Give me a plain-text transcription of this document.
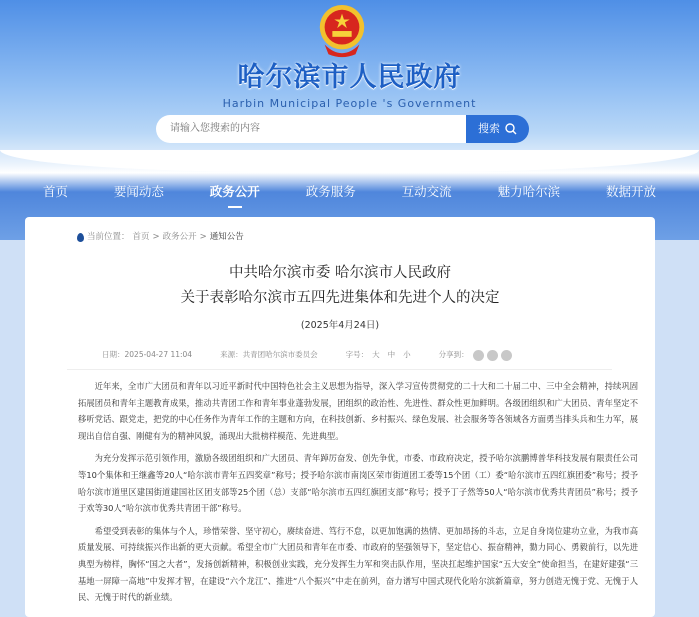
哈尔滨市人民政府
Harbin Municipal People 's Government
请输入您搜索的内容
搜索
首页	要闻动态	政务公开	政务服务	互动交流	魅力哈尔滨	数据开放
当前位置： 首页 > 政务公开 > 通知公告
中共哈尔滨市委 哈尔滨市人民政府
关于表彰哈尔滨市五四先进集体和先进个人的决定
(2025年4月24日)
日期：2025-04-27 11:04	来源：共青团哈尔滨市委员会	字号： 大 中 小	分享到：

近年来，全市广大团员和青年以习近平新时代中国特色社会主义思想为指导，深入学习宣传贯彻党的二十大和二十届二中、三中全会精神，持续巩固拓展团员和青年主题教育成果，推动共青团工作和青年事业蓬勃发展，团组织的政治性、先进性、群众性更加鲜明。各级团组织和广大团员、青年坚定不移听党话、跟党走，把党的中心任务作为青年工作的主题和方向，在科技创新、乡村振兴、绿色发展、社会服务等各领域各方面勇当排头兵和生力军，展现出自信自强、刚健有为的精神风貌，涌现出大批榜样模范、先进典型。

为充分发挥示范引领作用，激励各级团组织和广大团员、青年踔厉奋发、创先争优，市委、市政府决定，授予哈尔滨鹏博普华科技发展有限责任公司等10个集体和王继鑫等20人“哈尔滨市青年五四奖章”称号；授予哈尔滨市南岗区荣市街道团工委等15个团（工）委“哈尔滨市五四红旗团委”称号；授予哈尔滨市道里区建国街道建国社区团支部等25个团（总）支部“哈尔滨市五四红旗团支部”称号；授予丁子然等50人“哈尔滨市优秀共青团员”称号；授予于欢等30人“哈尔滨市优秀共青团干部”称号。

希望受到表彰的集体与个人，珍惜荣誉、坚守初心，赓续奋进、笃行不怠，以更加饱满的热情、更加昂扬的斗志，立足自身岗位建功立业，为我市高质量发展、可持续振兴作出新的更大贡献。希望全市广大团员和青年在市委、市政府的坚强领导下，坚定信心、振奋精神，勠力同心、勇毅前行，以先进典型为榜样，胸怀“国之大者”，发扬创新精神，积极创业实践，充分发挥生力军和突击队作用，坚决扛起维护国家“五大安全”使命担当，在建好建强“三基地一屏障一高地”中发挥才智，在建设“六个龙江”、推进“八个振兴”中走在前列，奋力谱写中国式现代化哈尔滨新篇章，努力创造无愧于党、无愧于人民、无愧于时代的新业绩。
